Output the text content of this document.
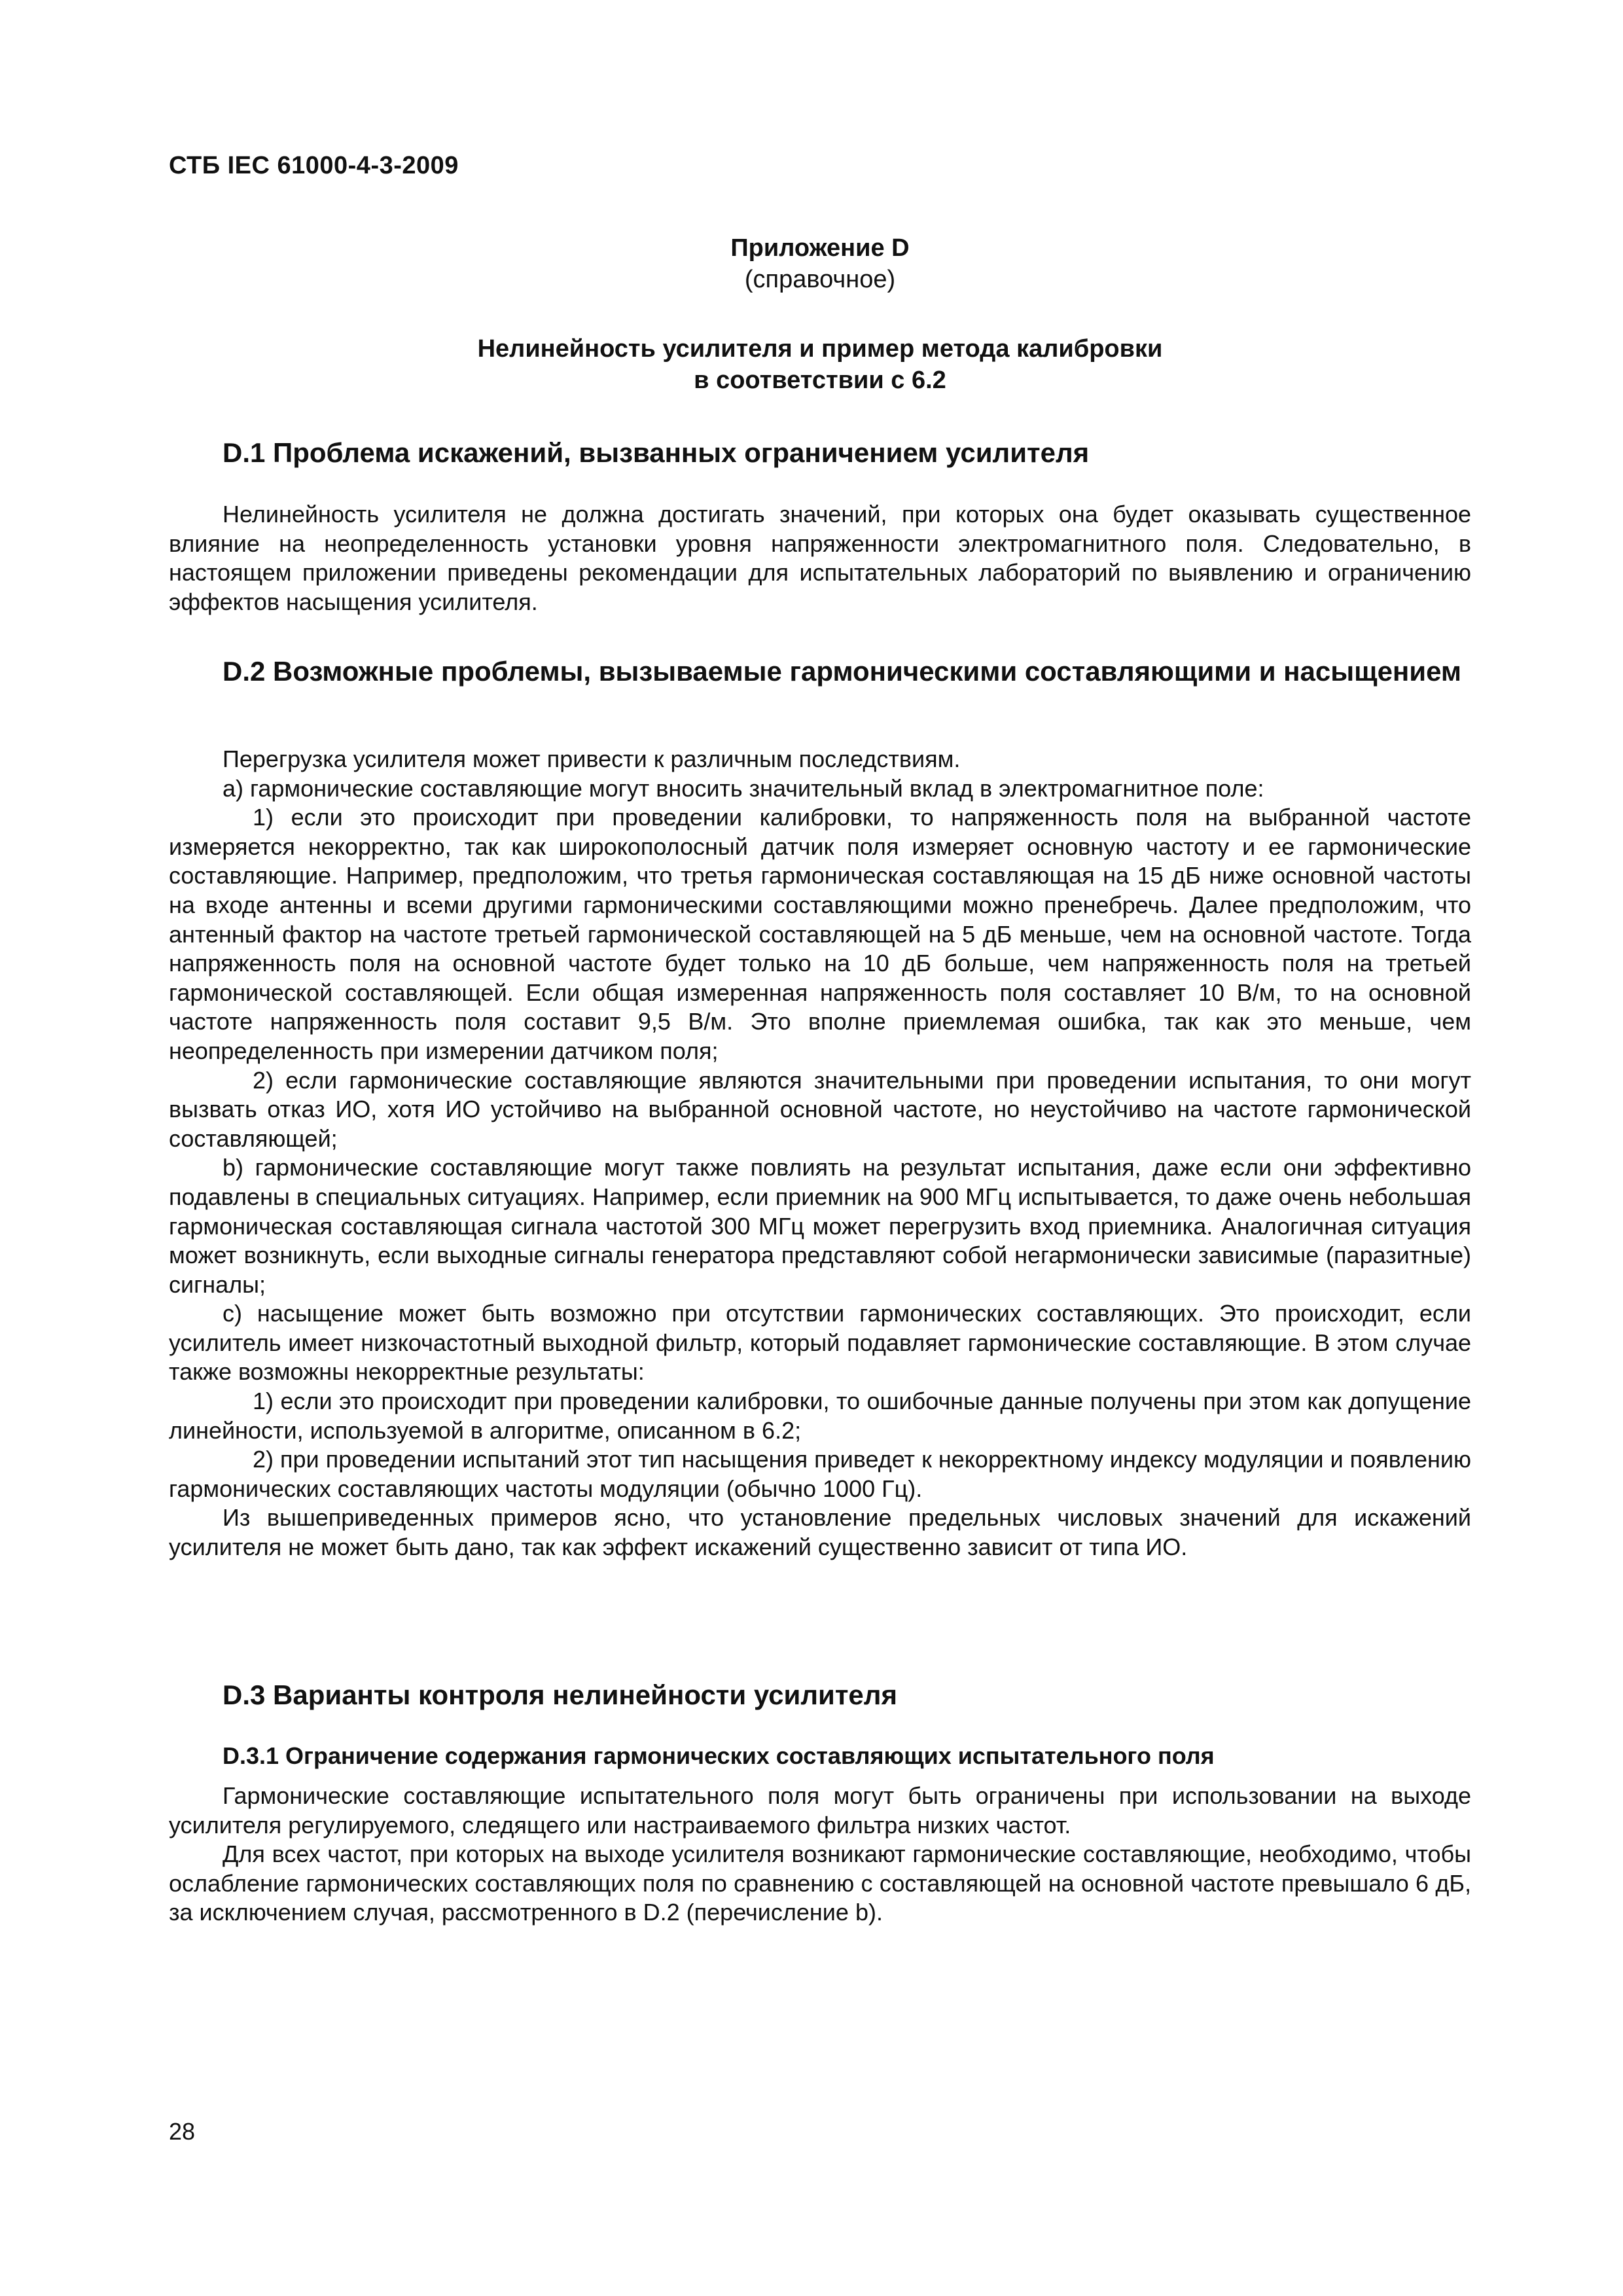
СТБ IEC 61000-4-3-2009
Приложение D
(справочное)
Нелинейность усилителя и пример метода калибровки
в соответствии с 6.2
D.1 Проблема искажений, вызванных ограничением усилителя

Нелинейность усилителя не должна достигать значений, при которых она будет оказывать существенное влияние на неопределенность установки уровня напряженности электромагнитного поля. Следовательно, в настоящем приложении приведены рекомендации для испытательных лабораторий по выявлению и ограничению эффектов насыщения усилителя.

D.2 Возможные проблемы, вызываемые гармоническими составляющими и насыщением

Перегрузка усилителя может привести к различным последствиям.

а) гармонические составляющие могут вносить значительный вклад в электромагнитное поле:

1) если это происходит при проведении калибровки, то напряженность поля на выбранной частоте измеряется некорректно, так как широкополосный датчик поля измеряет основную частоту и ее гармонические составляющие. Например, предположим, что третья гармоническая составляющая на 15 дБ ниже основной частоты на входе антенны и всеми другими гармоническими составляющими можно пренебречь. Далее предположим, что антенный фактор на частоте третьей гармонической составляющей на 5 дБ меньше, чем на основной частоте. Тогда напряженность поля на основной частоте будет только на 10 дБ больше, чем напряженность поля на третьей гармонической составляющей. Если общая измеренная напряженность поля составляет 10 В/м, то на основной частоте напряженность поля составит 9,5 В/м. Это вполне приемлемая ошибка, так как это меньше, чем неопределенность при измерении датчиком поля;

2) если гармонические составляющие являются значительными при проведении испытания, то они могут вызвать отказ ИО, хотя ИО устойчиво на выбранной основной частоте, но неустойчиво на частоте гармонической составляющей;

b) гармонические составляющие могут также повлиять на результат испытания, даже если они эффективно подавлены в специальных ситуациях. Например, если приемник на 900 МГц испытывается, то даже очень небольшая гармоническая составляющая сигнала частотой 300 МГц может перегрузить вход приемника. Аналогичная ситуация может возникнуть, если выходные сигналы генератора представляют собой негармонически зависимые (паразитные) сигналы;

c) насыщение может быть возможно при отсутствии гармонических составляющих. Это происходит, если усилитель имеет низкочастотный выходной фильтр, который подавляет гармонические составляющие. В этом случае также возможны некорректные результаты:

1) если это происходит при проведении калибровки, то ошибочные данные получены при этом как допущение линейности, используемой в алгоритме, описанном в 6.2;

2) при проведении испытаний этот тип насыщения приведет к некорректному индексу модуляции и появлению гармонических составляющих частоты модуляции (обычно 1000 Гц).

Из вышеприведенных примеров ясно, что установление предельных числовых значений для искажений усилителя не может быть дано, так как эффект искажений существенно зависит от типа ИО.

D.3 Варианты контроля нелинейности усилителя
D.3.1 Ограничение содержания гармонических составляющих испытательного поля

Гармонические составляющие испытательного поля могут быть ограничены при использовании на выходе усилителя регулируемого, следящего или настраиваемого фильтра низких частот.

Для всех частот, при которых на выходе усилителя возникают гармонические составляющие, необходимо, чтобы ослабление гармонических составляющих поля по сравнению с составляющей на основной частоте превышало 6 дБ, за исключением случая, рассмотренного в D.2 (перечисление b).

28
